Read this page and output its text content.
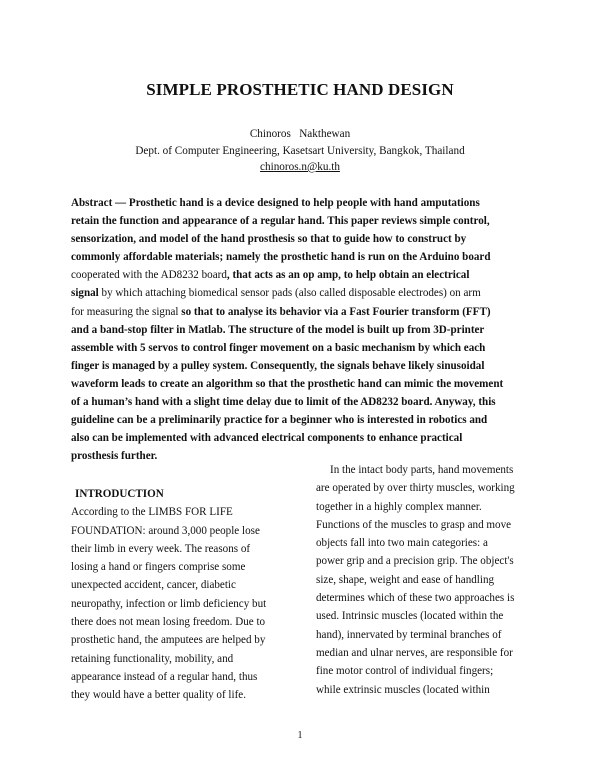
SIMPLE PROSTHETIC HAND DESIGN
Chinoros   Nakthewan
Dept. of Computer Engineering, Kasetsart University, Bangkok, Thailand
chinoros.n@ku.th
Abstract — Prosthetic hand is a device designed to help people with hand amputations
retain the function and appearance of a regular hand. This paper reviews simple control,
sensorization, and model of the hand prosthesis so that to guide how to construct by
commonly affordable materials; namely the prosthetic hand is run on the Arduino board
cooperated with the AD8232 board, that acts as an op amp, to help obtain an electrical
signal by which attaching biomedical sensor pads (also called disposable electrodes) on arm
for measuring the signal so that to analyse its behavior via a Fast Fourier transform (FFT)
and a band-stop filter in Matlab. The structure of the model is built up from 3D-printer
assemble with 5 servos to control finger movement on a basic mechanism by which each
finger is managed by a pulley system. Consequently, the signals behave likely sinusoidal
waveform leads to create an algorithm so that the prosthetic hand can mimic the movement
of a human’s hand with a slight time delay due to limit of the AD8232 board. Anyway, this
guideline can be a preliminarily practice for a beginner who is interested in robotics and
also can be implemented with advanced electrical components to enhance practical
prosthesis further.
INTRODUCTION
According to the LIMBS FOR LIFE
FOUNDATION: around 3,000 people lose
their limb in every week. The reasons of
losing a hand or fingers comprise some
unexpected accident, cancer, diabetic
neuropathy, infection or limb deficiency but
there does not mean losing freedom. Due to
prosthetic hand, the amputees are helped by
retaining functionality, mobility, and
appearance instead of a regular hand, thus
they would have a better quality of life.
In the intact body parts, hand movements
are operated by over thirty muscles, working
together in a highly complex manner.
Functions of the muscles to grasp and move
objects fall into two main categories: a
power grip and a precision grip. The object's
size, shape, weight and ease of handling
determines which of these two approaches is
used. Intrinsic muscles (located within the
hand), innervated by terminal branches of
median and ulnar nerves, are responsible for
fine motor control of individual fingers;
while extrinsic muscles (located within
1
